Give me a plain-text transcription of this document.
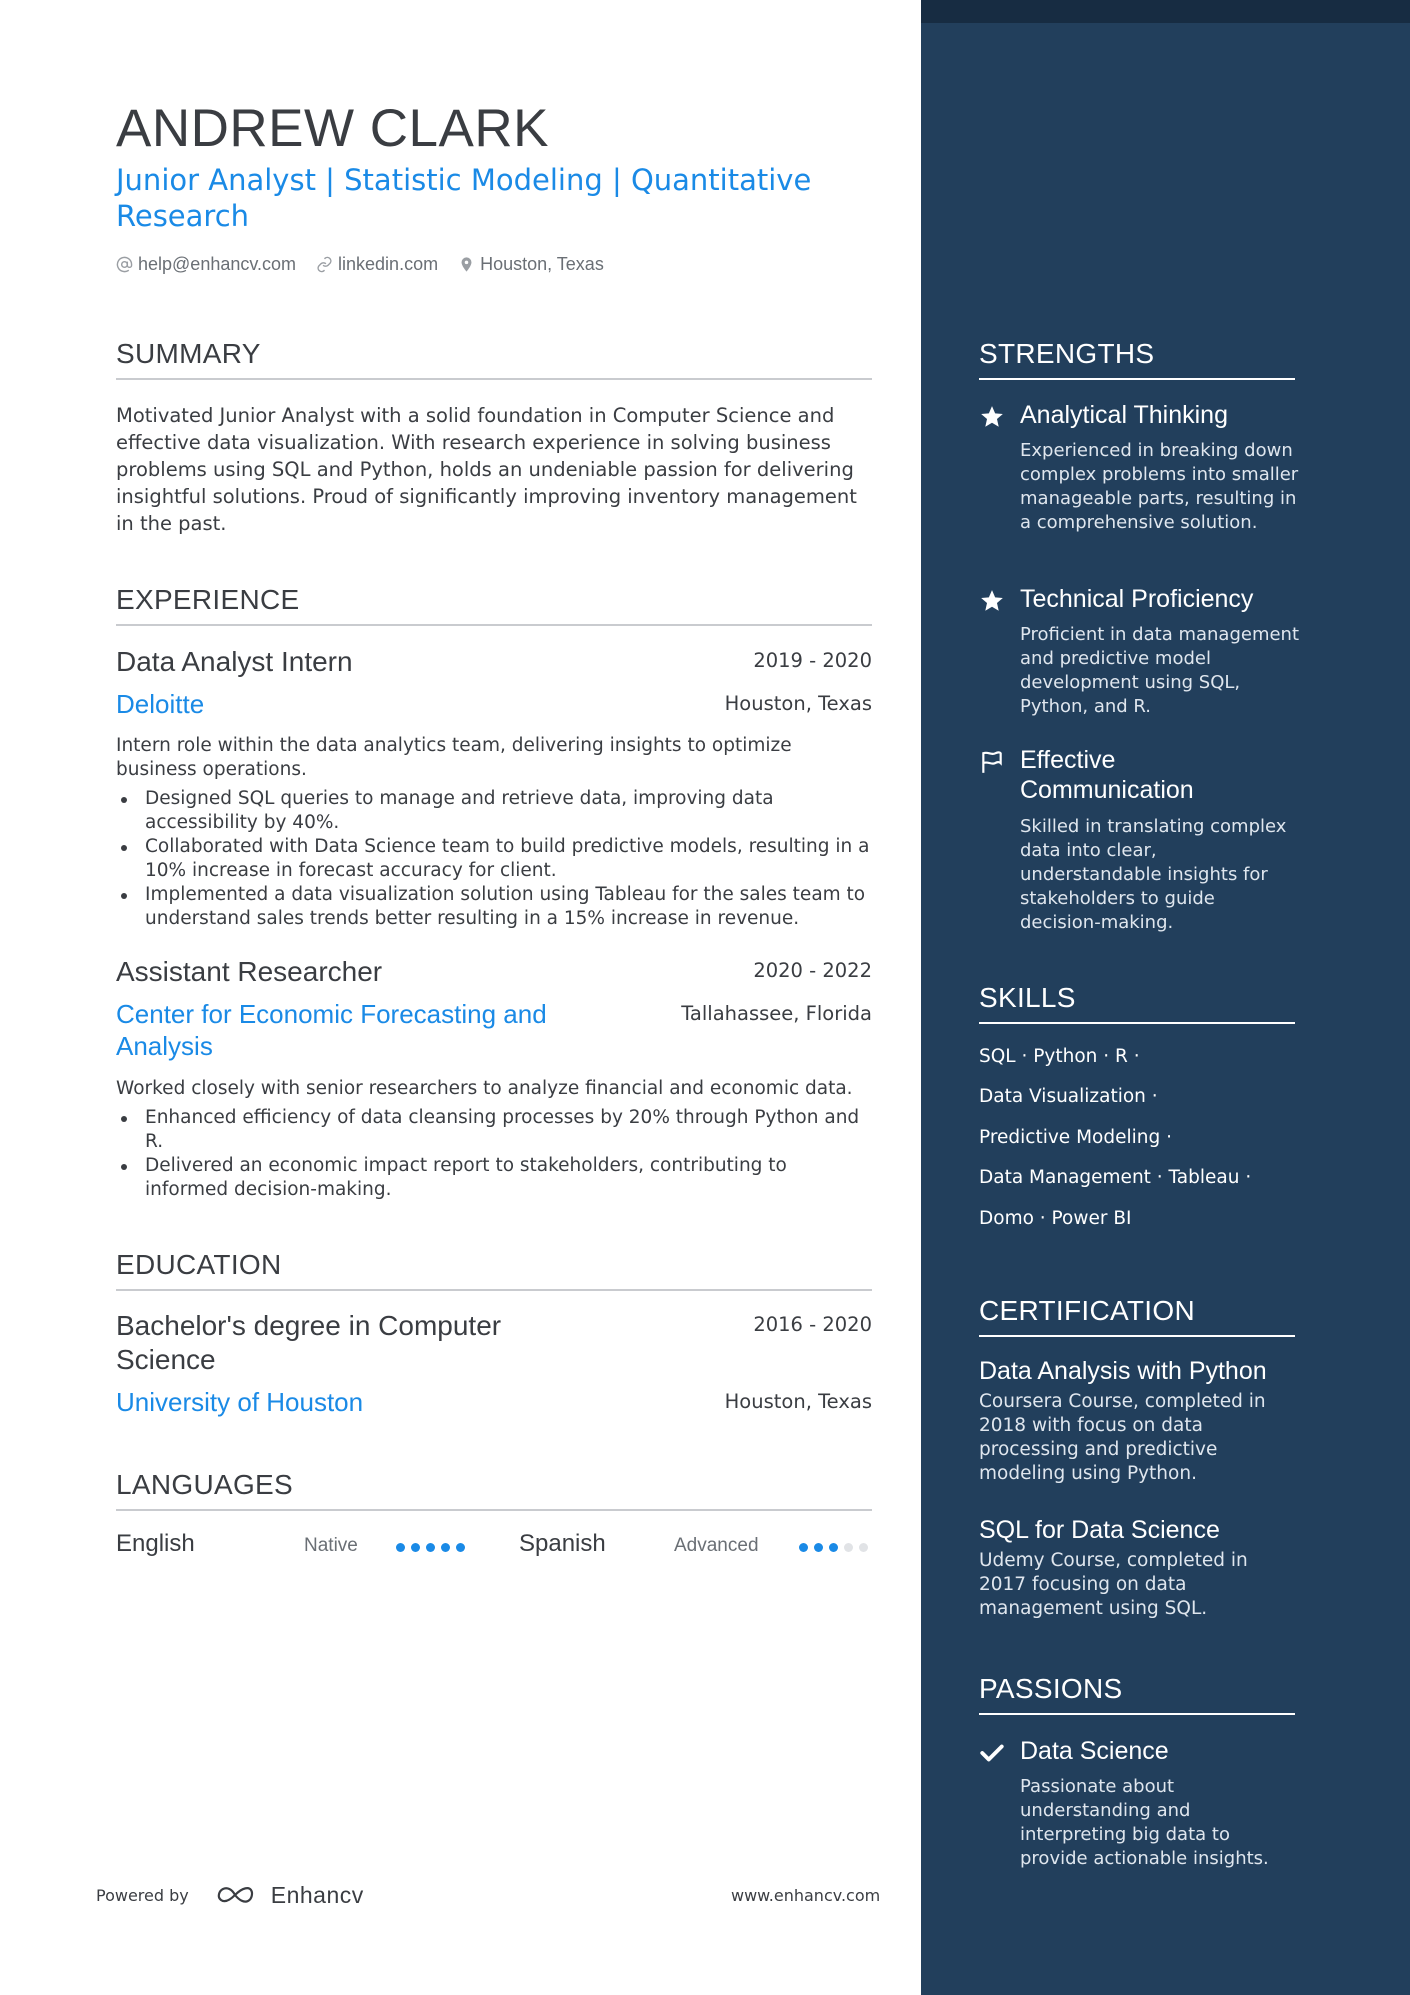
ANDREW CLARK

Junior Analyst | Statistic Modeling | Quantitative Research

help@enhancv.com linkedin.com Houston, Texas
SUMMARY

Motivated Junior Analyst with a solid foundation in Computer Science and effective data visualization. With research experience in solving business problems using SQL and Python, holds an undeniable passion for delivering insightful solutions. Proud of significantly improving inventory management in the past.

EXPERIENCE
Data Analyst Intern	2019 - 2020
Deloitte	Houston, Texas

Intern role within the data analytics team, delivering insights to optimize business operations.

Designed SQL queries to manage and retrieve data, improving data accessibility by 40%.
Collaborated with Data Science team to build predictive models, resulting in a 10% increase in forecast accuracy for client.
Implemented a data visualization solution using Tableau for the sales team to understand sales trends better resulting in a 15% increase in revenue.
Assistant Researcher	2020 - 2022
Center for Economic Forecasting and Analysis
Tallahassee, Florida

Worked closely with senior researchers to analyze financial and economic data.

Enhanced efficiency of data cleansing processes by 20% through Python and R.
Delivered an economic impact report to stakeholders, contributing to informed decision-making.
EDUCATION
Bachelor's degree in Computer Science
2016 - 2020
University of Houston	Houston, Texas
LANGUAGES
English	Native	Spanish	Advanced
Powered by	Enhancv	www.enhancv.com
STRENGTHS
Analytical Thinking

Experienced in breaking down complex problems into smaller manageable parts, resulting in a comprehensive solution.

Technical Proficiency

Proficient in data management and predictive model development using SQL, Python, and R.

Effective Communication

Skilled in translating complex data into clear, understandable insights for stakeholders to guide decision-making.

SKILLS
SQL · Python · R ·
Data Visualization ·
Predictive Modeling ·
Data Management · Tableau ·
Domo · Power BI
CERTIFICATION
Data Analysis with Python

Coursera Course, completed in 2018 with focus on data processing and predictive modeling using Python.

SQL for Data Science

Udemy Course, completed in 2017 focusing on data management using SQL.

PASSIONS
Data Science

Passionate about understanding and interpreting big data to provide actionable insights.
